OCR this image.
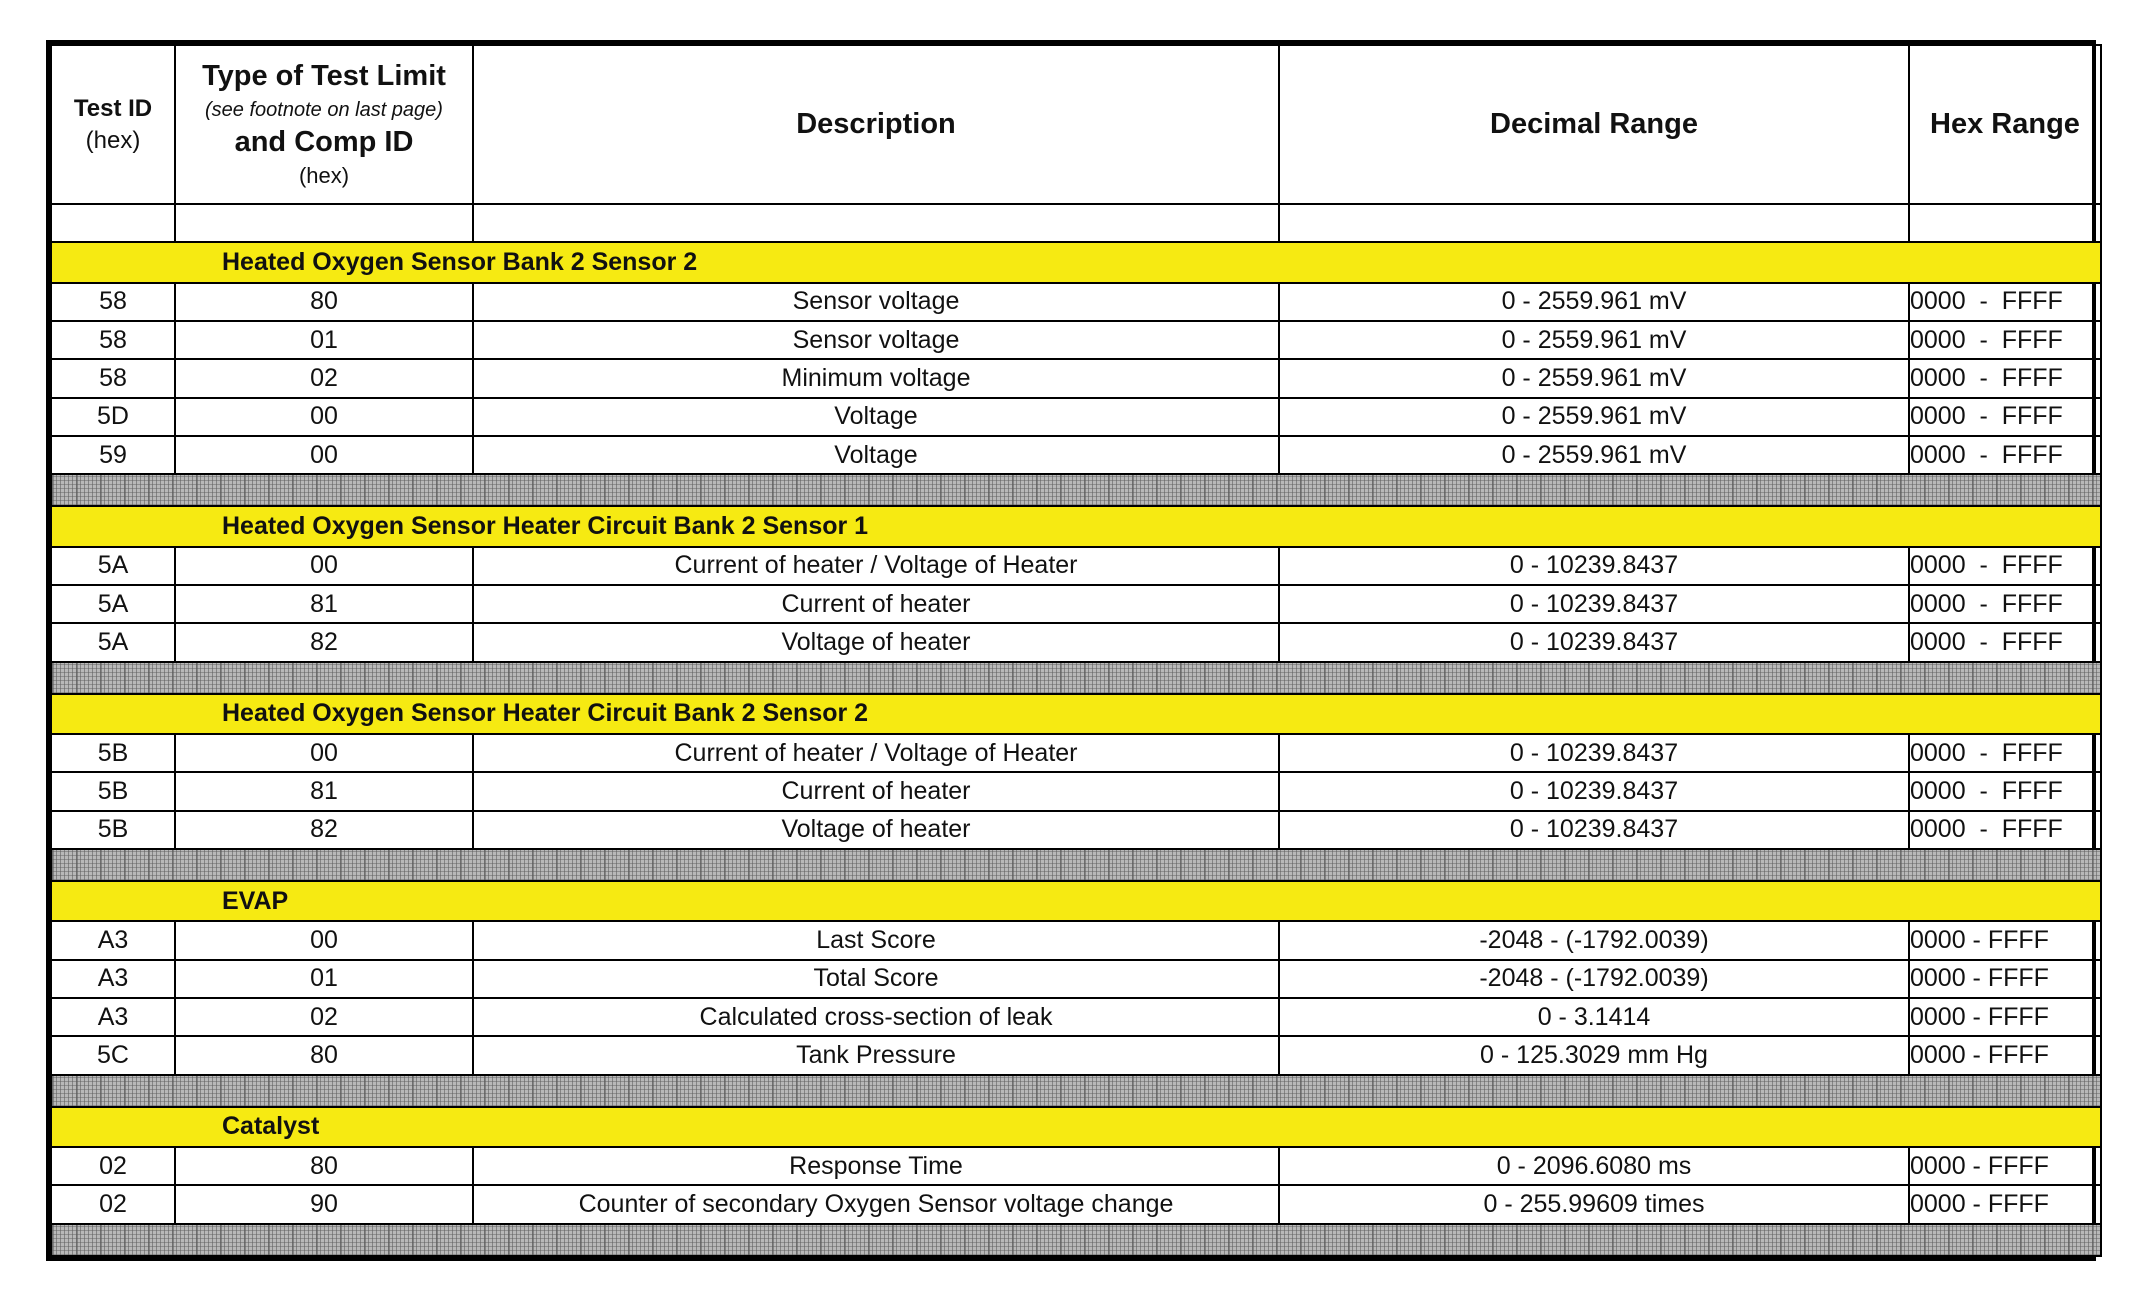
Test ID
(hex)	Type of Test Limit
(see footnote on last page)
and Comp ID
(hex)	Description	Decimal Range	Hex Range

Heated Oxygen Sensor Bank 2 Sensor 2				
58	80	Sensor voltage	0 - 2559.961 mV	0000  -  FFFF
58	01	Sensor voltage	0 - 2559.961 mV	0000  -  FFFF
58	02	Minimum voltage	0 - 2559.961 mV	0000  -  FFFF
5D	00	Voltage	0 - 2559.961 mV	0000  -  FFFF
59	00	Voltage	0 - 2559.961 mV	0000  -  FFFF

Heated Oxygen Sensor Heater Circuit Bank 2 Sensor 1				
5A	00	Current of heater / Voltage of Heater	0 - 10239.8437	0000  -  FFFF
5A	81	Current of heater	0 - 10239.8437	0000  -  FFFF
5A	82	Voltage of heater	0 - 10239.8437	0000  -  FFFF

Heated Oxygen Sensor Heater Circuit Bank 2 Sensor 2				
5B	00	Current of heater / Voltage of Heater	0 - 10239.8437	0000  -  FFFF
5B	81	Current of heater	0 - 10239.8437	0000  -  FFFF
5B	82	Voltage of heater	0 - 10239.8437	0000  -  FFFF

EVAP				
A3	00	Last Score	-2048 - (-1792.0039)	0000 - FFFF
A3	01	Total Score	-2048 - (-1792.0039)	0000 - FFFF
A3	02	Calculated cross-section of leak	0 - 3.1414	0000 - FFFF
5C	80	Tank Pressure	0 - 125.3029 mm Hg	0000 - FFFF

Catalyst				
02	80	Response Time	0 - 2096.6080 ms	0000 - FFFF
02	90	Counter of secondary Oxygen Sensor voltage change	0 - 255.99609 times	0000 - FFFF
